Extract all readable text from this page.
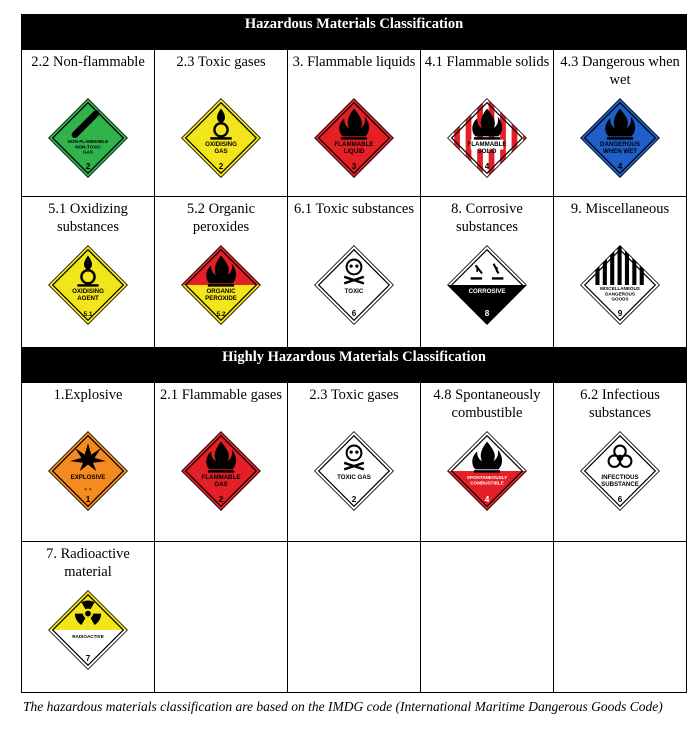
Hazardous Materials Classification				

2.2 Non-flammable
NON-FLAMMABLE
NON-TOXIC
GAS
2	2.3 Toxic gases
OXIDISING
GAS
2	3. Flammable liquids
FLAMMABLE
LIQUID
3	4.1 Flammable solids
FLAMMABLE
SOLID
4	4.3 Dangerous when wet
DANGEROUS
WHEN WET
4

5.1 Oxidizing substances
OXIDISING
AGENT
5.1	5.2 Organic peroxides
ORGANIC
PEROXIDE
5.2	6.1 Toxic substances
TOXIC
6	8. Corrosive substances
CORROSIVE
8	9. Miscellaneous
MISCELLANEOUS
DANGEROUS
GOODS
9

Highly Hazardous Materials Classification				

1.Explosive
EXPLOSIVE
* *
1	2.1 Flammable gases
FLAMMABLE
GAS
2	2.3 Toxic gases
TOXIC GAS
2	4.8 Spontaneously combustible
SPONTANEOUSLY
COMBUSTIBLE
4	6.2 Infectious substances
INFECTIOUS
SUBSTANCE
6

7. Radioactive material
RADIOACTIVE
7				

The hazardous materials classification are based on the IMDG code (International Maritime Dangerous Goods Code)
